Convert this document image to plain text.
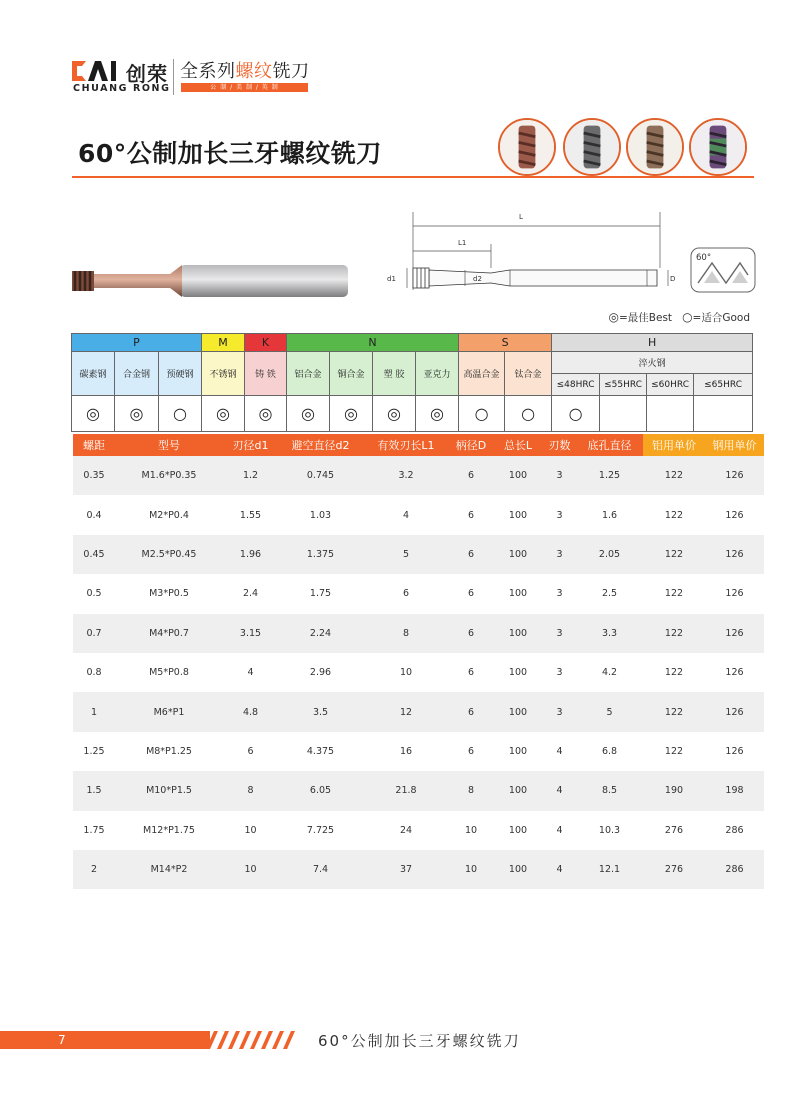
创荣
CHUANG RONG
全系列螺纹铣刀
公 制 / 美 制 / 英 制
60°公制加长三牙螺纹铣刀
L
L1
d1	d2	D
60°
◎=最佳Best ○=适合Good
P			M	K	N				S		H			
碳素钢	合金钢	预硬钢	不锈钢	铸 铁	铝合金	铜合金	塑 胶	亚克力	高温合金	钛合金	淬火钢			
											≤48HRC	≤55HRC	≤60HRC	≤65HRC
◎	◎	○	◎	◎	◎	◎	◎	◎	○	○	○			
螺距	型号	刃径d1	避空直径d2	有效刃长L1	柄径D	总长L	刃数	底孔直径	铝用单价	钢用单价
0.35	M1.6*P0.35	1.2	0.745	3.2	6	100	3	1.25	122	126
0.4	M2*P0.4	1.55	1.03	4	6	100	3	1.6	122	126
0.45	M2.5*P0.45	1.96	1.375	5	6	100	3	2.05	122	126
0.5	M3*P0.5	2.4	1.75	6	6	100	3	2.5	122	126
0.7	M4*P0.7	3.15	2.24	8	6	100	3	3.3	122	126
0.8	M5*P0.8	4	2.96	10	6	100	3	4.2	122	126
1	M6*P1	4.8	3.5	12	6	100	3	5	122	126
1.25	M8*P1.25	6	4.375	16	6	100	4	6.8	122	126
1.5	M10*P1.5	8	6.05	21.8	8	100	4	8.5	190	198
1.75	M12*P1.75	10	7.725	24	10	100	4	10.3	276	286
2	M14*P2	10	7.4	37	10	100	4	12.1	276	286
7	60°公制加长三牙螺纹铣刀
